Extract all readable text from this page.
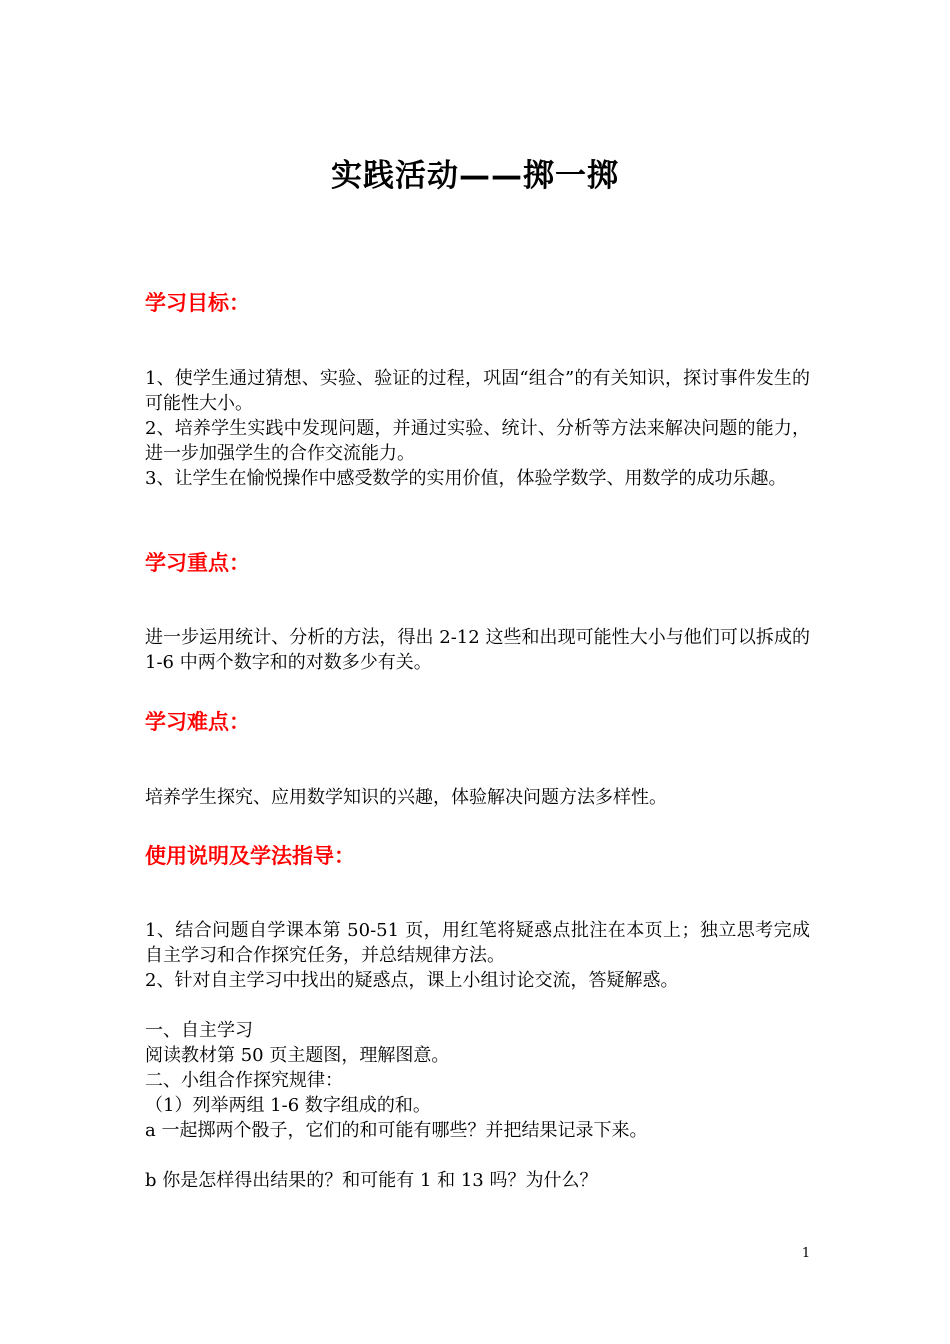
实践活动——掷一掷
学习目标：

1、使学生通过猜想、实验、验证的过程，巩固“组合”的有关知识，探讨事件发生的可能性大小。

2、培养学生实践中发现问题，并通过实验、统计、分析等方法来解决问题的能力，进一步加强学生的合作交流能力。

3、让学生在愉悦操作中感受数学的实用价值，体验学数学、用数学的成功乐趣。

学习重点：

进一步运用统计、分析的方法，得出 2-12 这些和出现可能性大小与他们可以拆成的 1-6 中两个数字和的对数多少有关。

学习难点：

培养学生探究、应用数学知识的兴趣，体验解决问题方法多样性。

使用说明及学法指导：

1、结合问题自学课本第 50-51 页，用红笔将疑惑点批注在本页上；独立思考完成自主学习和合作探究任务，并总结规律方法。

2、针对自主学习中找出的疑惑点，课上小组讨论交流，答疑解惑。

一、自主学习

阅读教材第 50 页主题图，理解图意。

二、小组合作探究规律：

（1）列举两组 1-6 数字组成的和。

a 一起掷两个骰子，它们的和可能有哪些？并把结果记录下来。

b 你是怎样得出结果的？和可能有 1 和 13 吗？为什么？

1
